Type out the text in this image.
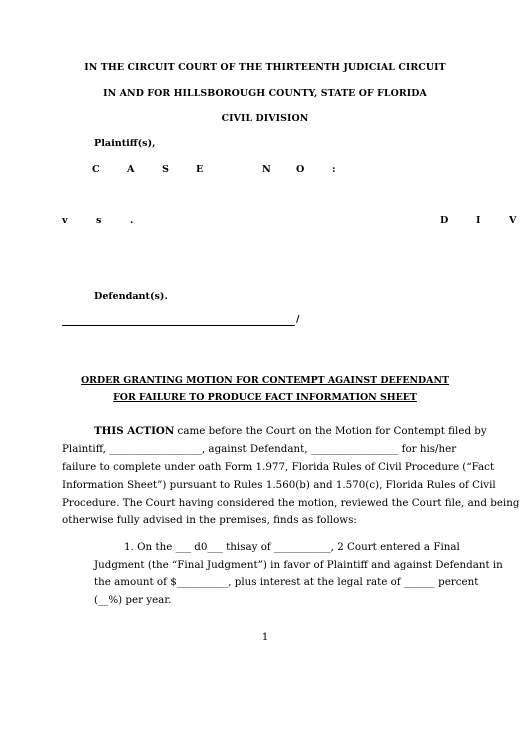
IN THE CIRCUIT COURT OF THE THIRTEENTH JUDICIAL CIRCUIT
IN AND FOR HILLSBOROUGH COUNTY, STATE OF FLORIDA
CIVIL DIVISION
Plaintiff(s),
C	A	S	E	N	O	:
v	s	.	D	I	V
Defendant(s).
/
ORDER GRANTING MOTION FOR CONTEMPT AGAINST DEFENDANT
FOR FAILURE TO PRODUCE FACT INFORMATION SHEET
THIS ACTION came before the Court on the Motion for Contempt filed by
Plaintiff, __________________, against Defendant, _________________ for his/her
failure to complete under oath Form 1.977, Florida Rules of Civil Procedure (“Fact
Information Sheet”) pursuant to Rules 1.560(b) and 1.570(c), Florida Rules of Civil
Procedure. The Court having considered the motion, reviewed the Court file, and being
otherwise fully advised in the premises, finds as follows:
1. On the ___ d0___ thisay of ___________, 2 Court entered a Final
Judgment (the “Final Judgment”) in favor of Plaintiff and against Defendant in
the amount of $__________, plus interest at the legal rate of ______ percent
(__%) per year.
1
